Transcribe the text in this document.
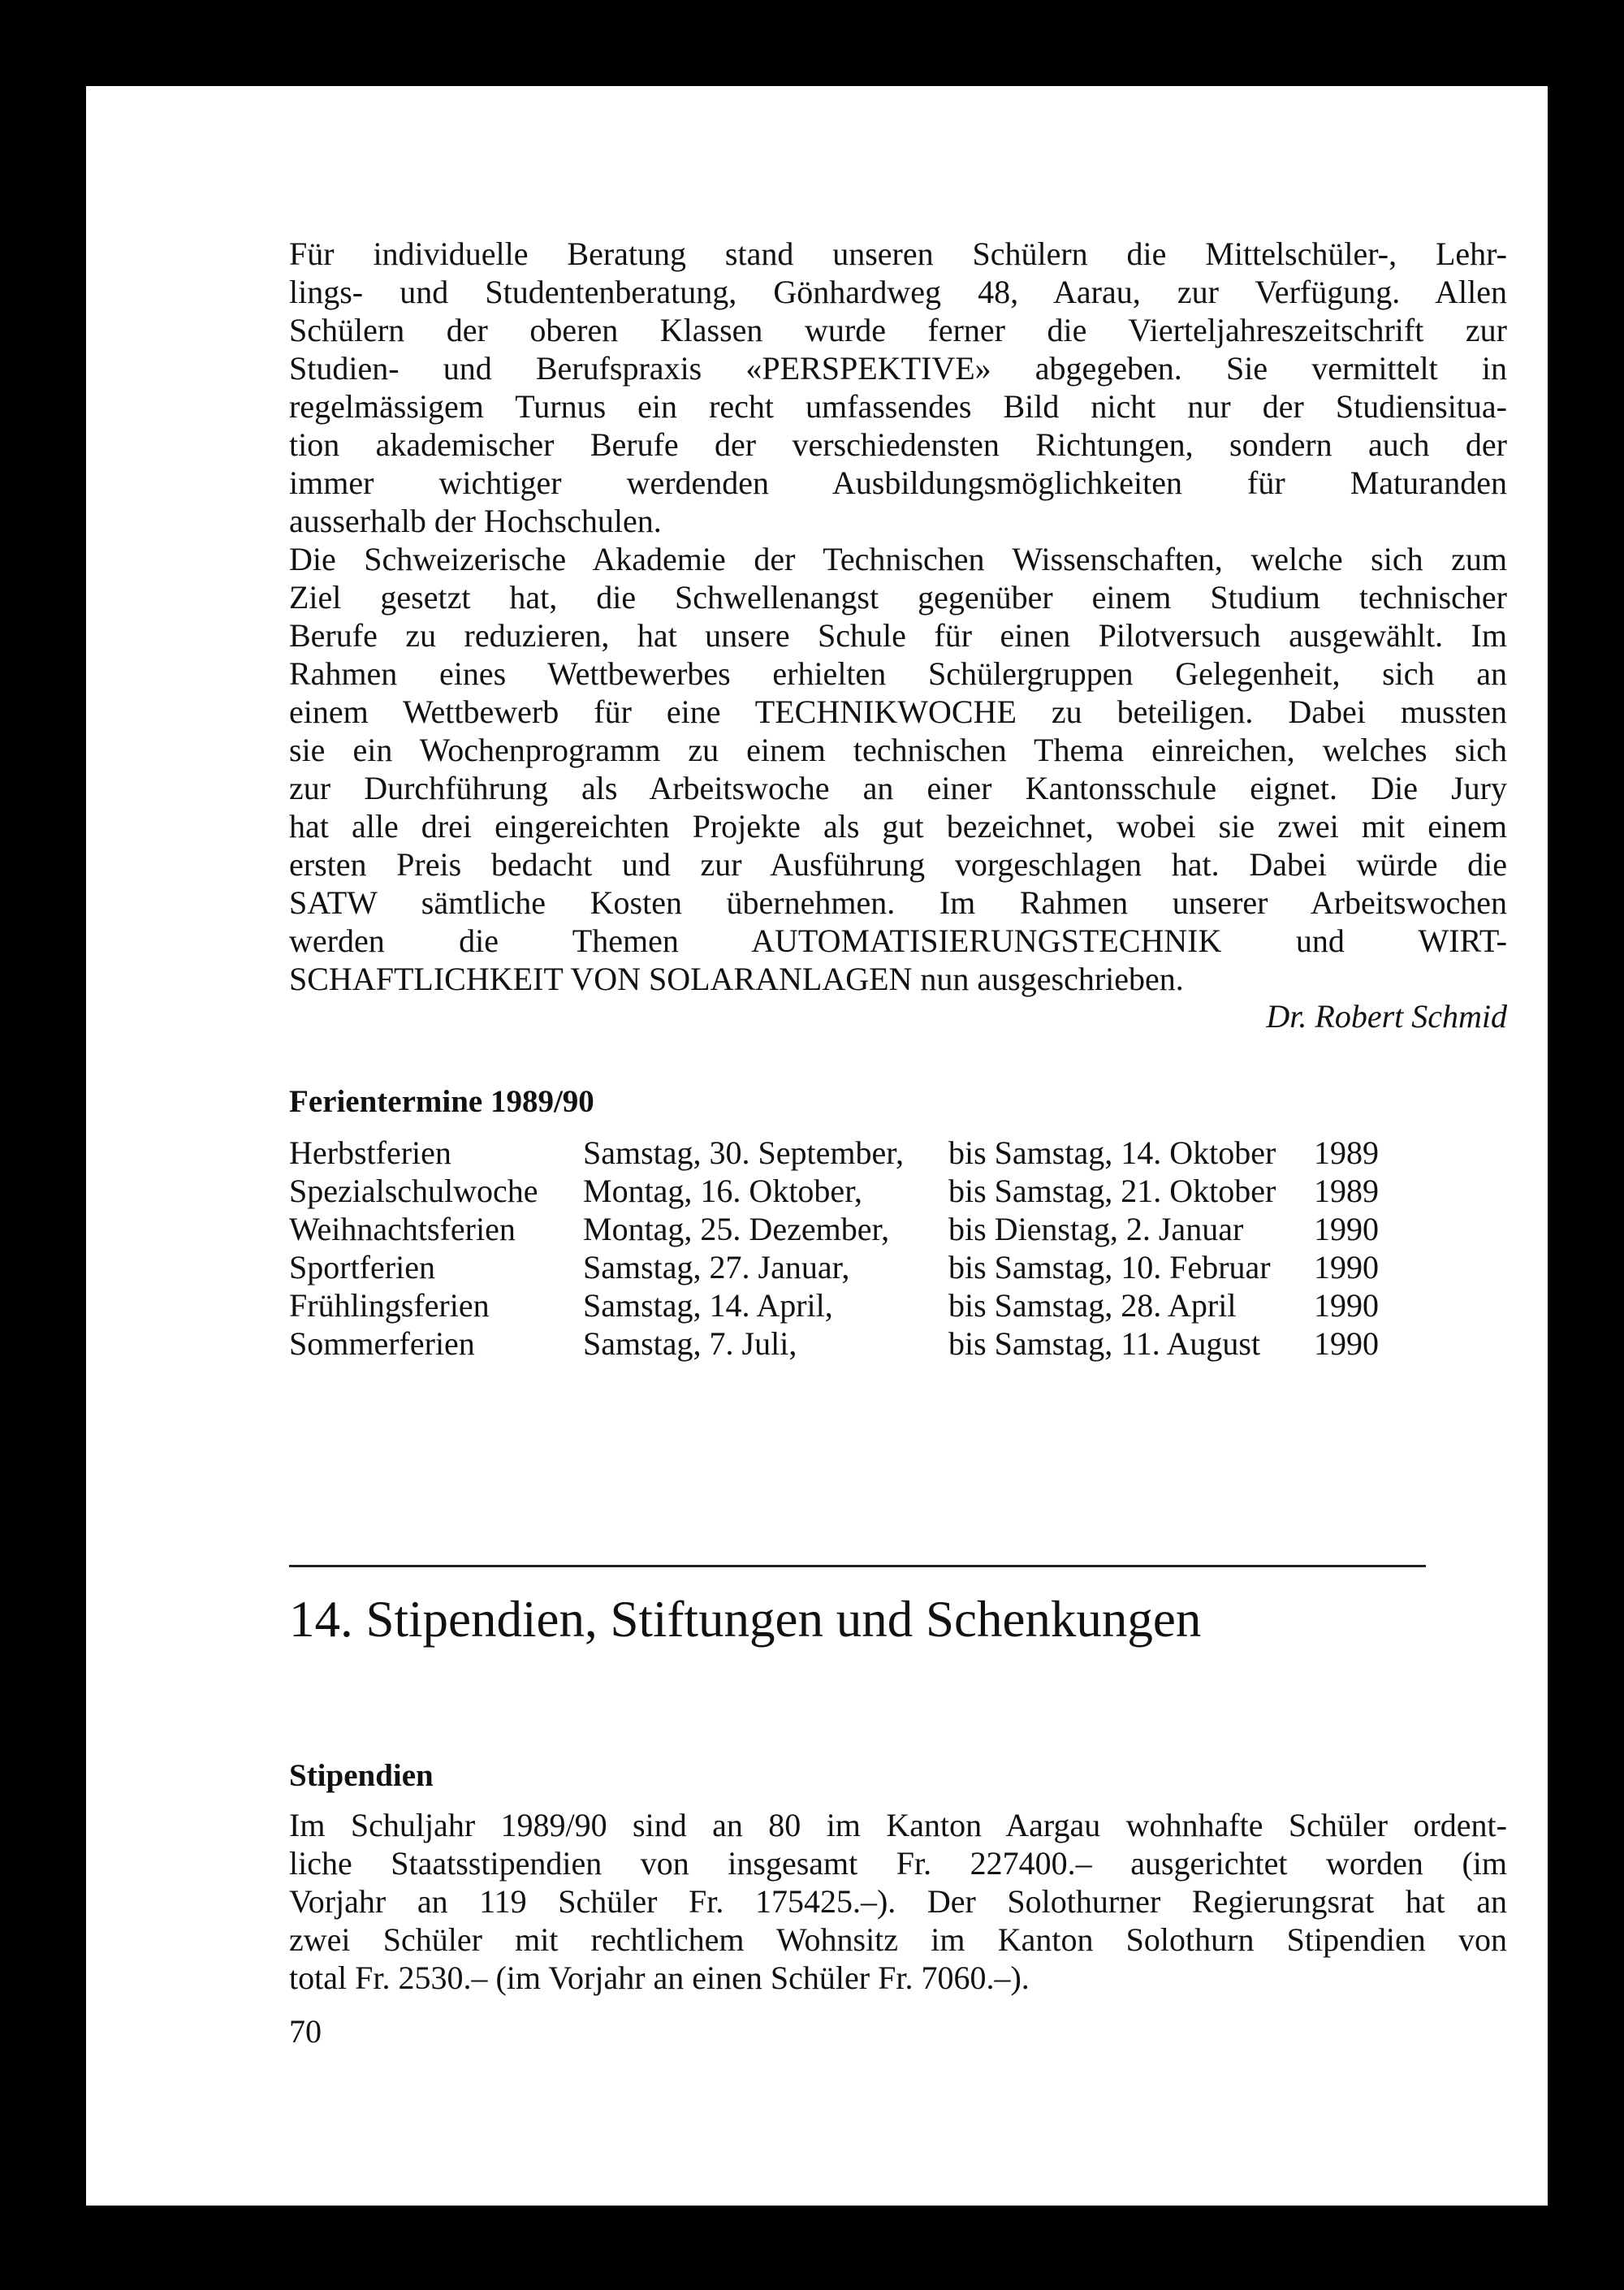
Für individuelle Beratung stand unseren Schülern die Mittelschüler-, Lehr-
lings- und Studentenberatung, Gönhardweg 48, Aarau, zur Verfügung. Allen
Schülern der oberen Klassen wurde ferner die Vierteljahreszeitschrift zur
Studien- und Berufspraxis «PERSPEKTIVE» abgegeben. Sie vermittelt in
regelmässigem Turnus ein recht umfassendes Bild nicht nur der Studiensitua-
tion akademischer Berufe der verschiedensten Richtungen, sondern auch der
immer wichtiger werdenden Ausbildungsmöglichkeiten für Maturanden
ausserhalb der Hochschulen.
Die Schweizerische Akademie der Technischen Wissenschaften, welche sich zum
Ziel gesetzt hat, die Schwellenangst gegenüber einem Studium technischer
Berufe zu reduzieren, hat unsere Schule für einen Pilotversuch ausgewählt. Im
Rahmen eines Wettbewerbes erhielten Schülergruppen Gelegenheit, sich an
einem Wettbewerb für eine TECHNIKWOCHE zu beteiligen. Dabei mussten
sie ein Wochenprogramm zu einem technischen Thema einreichen, welches sich
zur Durchführung als Arbeitswoche an einer Kantonsschule eignet. Die Jury
hat alle drei eingereichten Projekte als gut bezeichnet, wobei sie zwei mit einem
ersten Preis bedacht und zur Ausführung vorgeschlagen hat. Dabei würde die
SATW sämtliche Kosten übernehmen. Im Rahmen unserer Arbeitswochen
werden die Themen AUTOMATISIERUNGSTECHNIK und WIRT-
SCHAFTLICHKEIT VON SOLARANLAGEN nun ausgeschrieben.

Dr. Robert Schmid

Ferientermine 1989/90
Herbstferien	Samstag, 30. September,	bis Samstag, 14. Oktober	1989
Spezialschulwoche	Montag, 16. Oktober,	bis Samstag, 21. Oktober	1989
Weihnachtsferien	Montag, 25. Dezember,	bis Dienstag, 2. Januar	1990
Sportferien	Samstag, 27. Januar,	bis Samstag, 10. Februar	1990
Frühlingsferien	Samstag, 14. April,	bis Samstag, 28. April	1990
Sommerferien	Samstag, 7. Juli,	bis Samstag, 11. August	1990
Stipendien
Im Schuljahr 1989/90 sind an 80 im Kanton Aargau wohnhafte Schüler ordent-
liche Staatsstipendien von insgesamt Fr. 227400.– ausgerichtet worden (im
Vorjahr an 119 Schüler Fr. 175425.–). Der Solothurner Regierungsrat hat an
zwei Schüler mit rechtlichem Wohnsitz im Kanton Solothurn Stipendien von
total Fr. 2530.– (im Vorjahr an einen Schüler Fr. 7060.–).
14. Stipendien, Stiftungen und Schenkungen

70
